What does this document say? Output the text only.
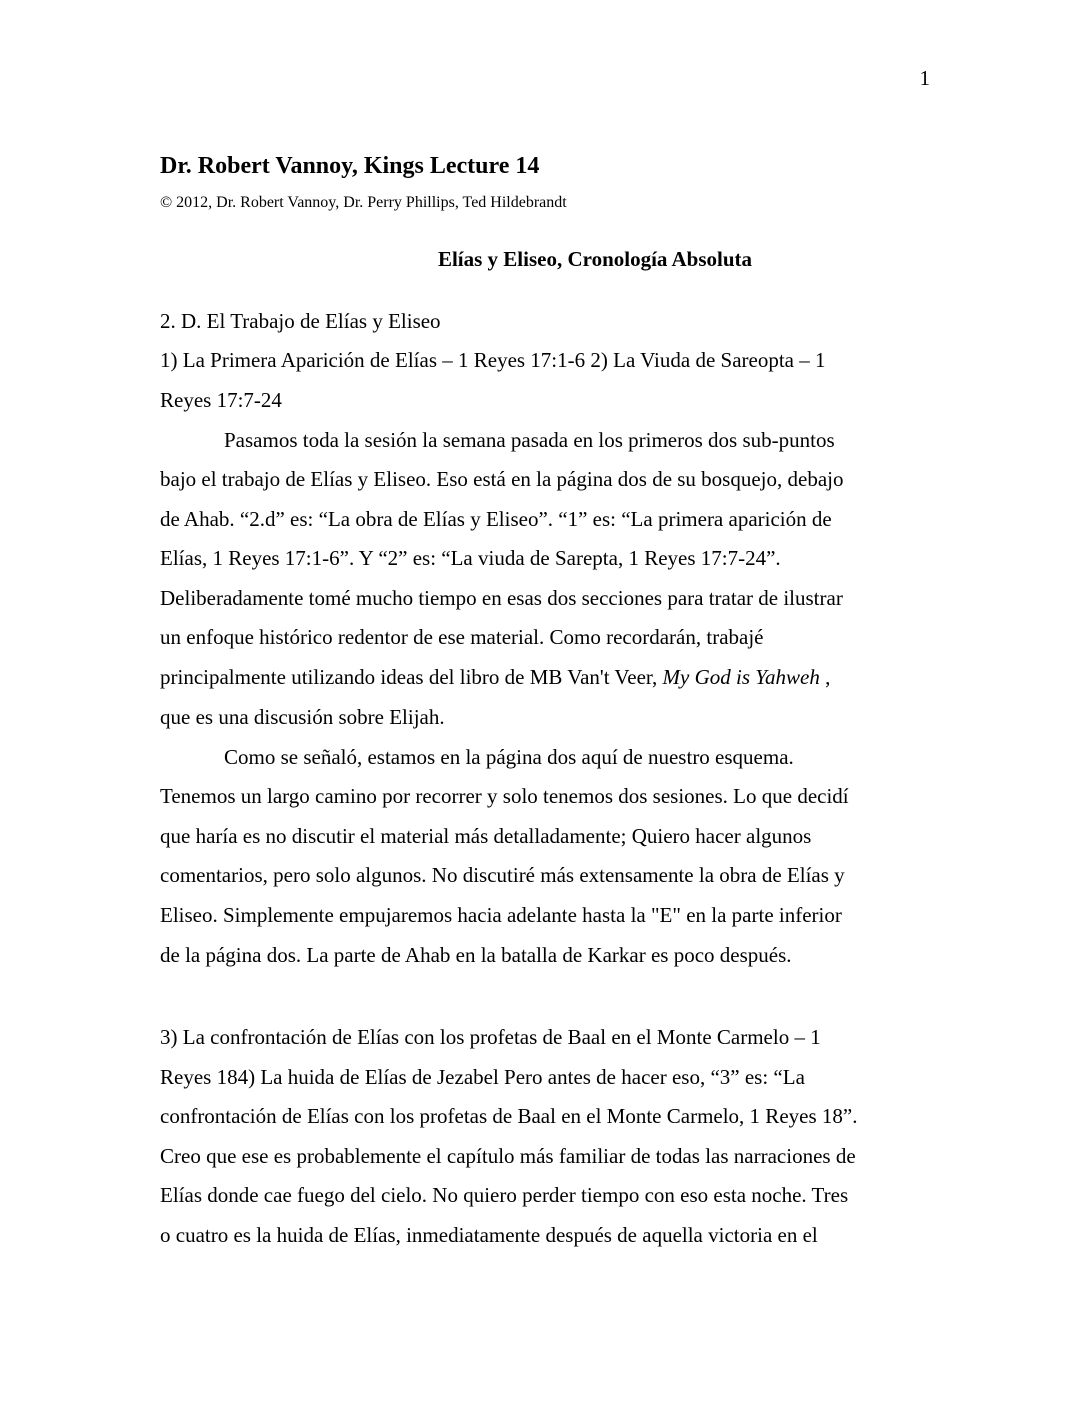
1
Dr. Robert Vannoy, Kings Lecture 14
© 2012, Dr. Robert Vannoy, Dr. Perry Phillips, Ted Hildebrandt
Elías y Eliseo, Cronología Absoluta
2. D. El Trabajo de Elías y Eliseo
1) La Primera Aparición de Elías – 1 Reyes 17:1-6 2) La Viuda de Sareopta – 1
Reyes 17:7-24
Pasamos toda la sesión la semana pasada en los primeros dos sub-puntos
bajo el trabajo de Elías y Eliseo. Eso está en la página dos de su bosquejo, debajo
de Ahab. “2.d” es: “La obra de Elías y Eliseo”. “1” es: “La primera aparición de
Elías, 1 Reyes 17:1-6”. Y “2” es: “La viuda de Sarepta, 1 Reyes 17:7-24”.
Deliberadamente tomé mucho tiempo en esas dos secciones para tratar de ilustrar
un enfoque histórico redentor de ese material. Como recordarán, trabajé
principalmente utilizando ideas del libro de MB Van't Veer, My God is Yahweh ,
que es una discusión sobre Elijah.
Como se señaló, estamos en la página dos aquí de nuestro esquema.
Tenemos un largo camino por recorrer y solo tenemos dos sesiones. Lo que decidí
que haría es no discutir el material más detalladamente; Quiero hacer algunos
comentarios, pero solo algunos. No discutiré más extensamente la obra de Elías y
Eliseo. Simplemente empujaremos hacia adelante hasta la "E" en la parte inferior
de la página dos. La parte de Ahab en la batalla de Karkar es poco después.
3) La confrontación de Elías con los profetas de Baal en el Monte Carmelo – 1
Reyes 184) La huida de Elías de Jezabel Pero antes de hacer eso, “3” es: “La
confrontación de Elías con los profetas de Baal en el Monte Carmelo, 1 Reyes 18”.
Creo que ese es probablemente el capítulo más familiar de todas las narraciones de
Elías donde cae fuego del cielo. No quiero perder tiempo con eso esta noche. Tres
o cuatro es la huida de Elías, inmediatamente después de aquella victoria en el
